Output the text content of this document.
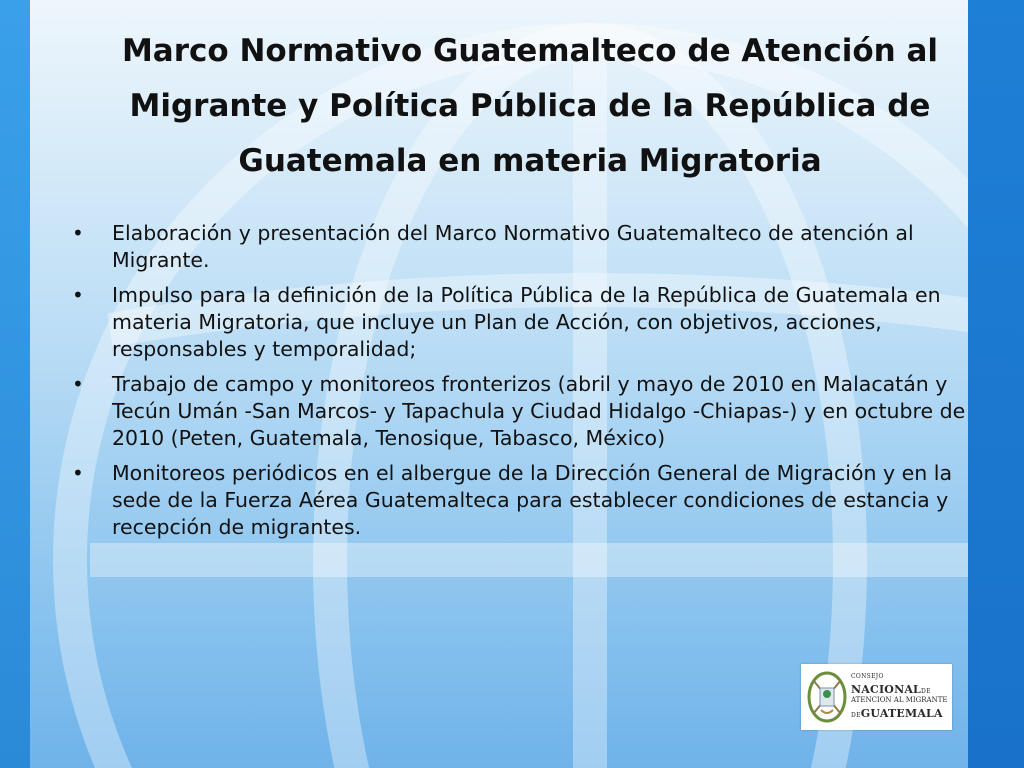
Marco Normativo Guatemalteco de Atención al Migrante y Política Pública de la República de Guatemala en materia Migratoria
• Elaboración y presentación del Marco Normativo Guatemalteco de atención al Migrante.
• Impulso para la definición de la Política Pública de la República de Guatemala en materia Migratoria, que incluye un Plan de Acción, con objetivos, acciones, responsables y temporalidad;
• Trabajo de campo y monitoreos fronterizos (abril y mayo de 2010 en Malacatán y Tecún Umán -San Marcos- y Tapachula y Ciudad Hidalgo -Chiapas-) y en octubre de 2010 (Peten, Guatemala, Tenosique, Tabasco, México)
• Monitoreos periódicos en el albergue de la Dirección General de Migración y en la sede de la Fuerza Aérea Guatemalteca para establecer condiciones de estancia y recepción de migrantes.
CONSEJO
NACIONALDE
ATENCION AL MIGRANTE
DEGUATEMALA
